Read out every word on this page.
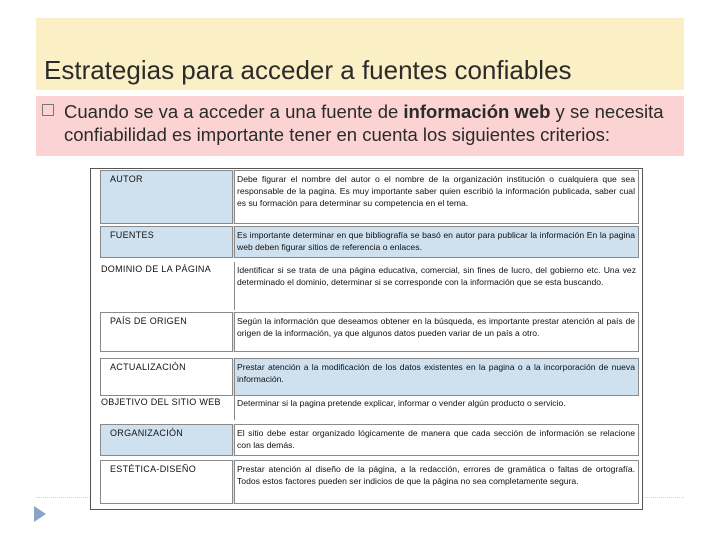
Estrategias para acceder a fuentes confiables
Cuando se va a acceder a una fuente de información web y se necesita confiabilidad es importante tener en cuenta los siguientes criterios:
AUTOR	Debe figurar el nombre del autor o el nombre de la organización institución o cualquiera que sea responsable de la pagina. Es muy importante saber quien escribió la información publicada, saber cual es su formación para determinar su competencia en el tema.
FUENTES	Es importante determinar en que bibliografía se basó en autor para publicar la información En la pagina web deben figurar sitios de referencia o enlaces.
DOMINIO DE LA PÁGINA	Identificar si se trata de una página educativa, comercial, sin fines de lucro, del gobierno etc. Una vez determinado el dominio, determinar si se corresponde con la información que se esta buscando.
PAÍS DE ORIGEN	Según la información que deseamos obtener en la búsqueda, es importante prestar atención al país de origen de la información, ya que algunos datos pueden variar de un país a otro.
ACTUALIZACIÓN	Prestar atención a la modificación de los datos existentes en la pagina o a la incorporación de nueva información.
OBJETIVO DEL SITIO WEB	Determinar si la pagina pretende explicar, informar o vender algún producto o servicio.
ORGANIZACIÓN	El sitio debe estar organizado lógicamente de manera que cada sección de información se relacione con las demás.
ESTÉTICA-DISEÑO	Prestar atención al diseño de la página, a la redacción, errores de gramática o faltas de ortografía. Todos estos factores pueden ser indicios de que la página no sea completamente segura.
